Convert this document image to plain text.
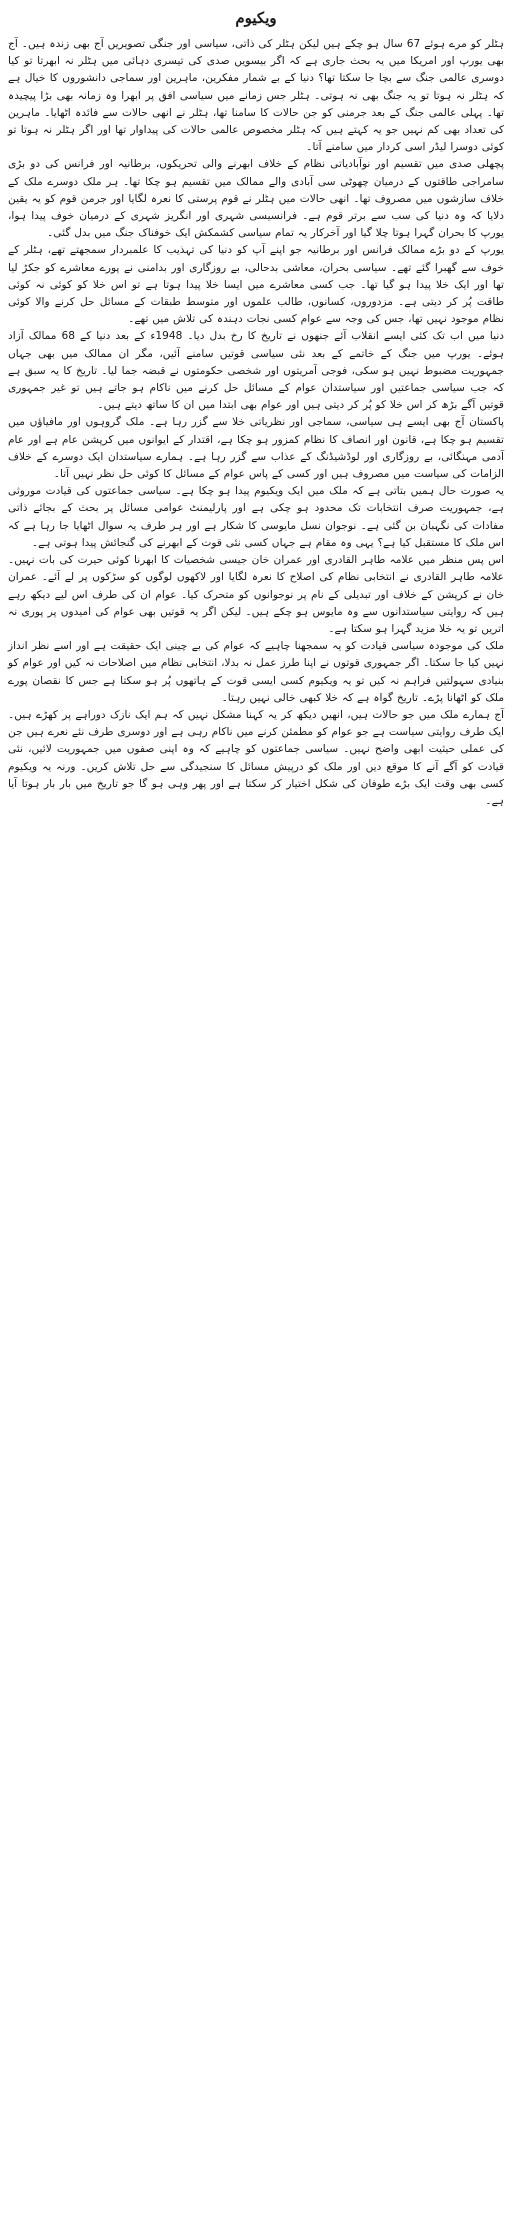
ویکیوم

ہٹلر کو مرے ہوئے 67 سال ہو چکے ہیں لیکن ہٹلر کی ذاتی، سیاسی اور جنگی تصویریں آج بھی زندہ ہیں۔ آج بھی یورپ اور امریکا میں یہ بحث جاری ہے کہ اگر بیسویں صدی کی تیسری دہائی میں ہٹلر نہ ابھرتا تو کیا دوسری عالمی جنگ سے بچا جا سکتا تھا؟ دنیا کے بے شمار مفکرین، ماہرین اور سماجی دانشوروں کا خیال ہے کہ ہٹلر نہ ہوتا تو یہ جنگ بھی نہ ہوتی۔ ہٹلر جس زمانے میں سیاسی افق پر ابھرا وہ زمانہ بھی بڑا پیچیدہ تھا۔ پہلی عالمی جنگ کے بعد جرمنی کو جن حالات کا سامنا تھا، ہٹلر نے انھی حالات سے فائدہ اٹھایا۔ ماہرین کی تعداد بھی کم نہیں جو یہ کہتے ہیں کہ ہٹلر مخصوص عالمی حالات کی پیداوار تھا اور اگر ہٹلر نہ ہوتا تو کوئی دوسرا لیڈر اسی کردار میں سامنے آتا۔

پچھلی صدی میں تقسیم اور نوآبادیاتی نظام کے خلاف ابھرنے والی تحریکوں، برطانیہ اور فرانس کی دو بڑی سامراجی طاقتوں کے درمیان چھوٹی سی آبادی والے ممالک میں تقسیم ہو چکا تھا۔ ہر ملک دوسرے ملک کے خلاف سازشوں میں مصروف تھا۔ انھی حالات میں ہٹلر نے قوم پرستی کا نعرہ لگایا اور جرمن قوم کو یہ یقین دلایا کہ وہ دنیا کی سب سے برتر قوم ہے۔ فرانسیسی شہری اور انگریز شہری کے درمیان خوف پیدا ہوا، یورپ کا بحران گہرا ہوتا چلا گیا اور آخرکار یہ تمام سیاسی کشمکش ایک خوفناک جنگ میں بدل گئی۔

یورپ کے دو بڑے ممالک فرانس اور برطانیہ جو اپنے آپ کو دنیا کی تہذیب کا علمبردار سمجھتے تھے، ہٹلر کے خوف سے گھبرا گئے تھے۔ سیاسی بحران، معاشی بدحالی، بے روزگاری اور بدامنی نے پورے معاشرے کو جکڑ لیا تھا اور ایک خلا پیدا ہو گیا تھا۔ جب کسی معاشرے میں ایسا خلا پیدا ہوتا ہے تو اس خلا کو کوئی نہ کوئی طاقت پُر کر دیتی ہے۔ مزدوروں، کسانوں، طالب علموں اور متوسط طبقات کے مسائل حل کرنے والا کوئی نظام موجود نہیں تھا، جس کی وجہ سے عوام کسی نجات دہندہ کی تلاش میں تھے۔

دنیا میں اب تک کئی ایسے انقلاب آئے جنھوں نے تاریخ کا رخ بدل دیا۔ 1948ء کے بعد دنیا کے 68 ممالک آزاد ہوئے۔ یورپ میں جنگ کے خاتمے کے بعد نئی سیاسی قوتیں سامنے آئیں، مگر ان ممالک میں بھی جہاں جمہوریت مضبوط نہیں ہو سکی، فوجی آمریتوں اور شخصی حکومتوں نے قبضہ جما لیا۔ تاریخ کا یہ سبق ہے کہ جب سیاسی جماعتیں اور سیاستدان عوام کے مسائل حل کرنے میں ناکام ہو جاتے ہیں تو غیر جمہوری قوتیں آگے بڑھ کر اس خلا کو پُر کر دیتی ہیں اور عوام بھی ابتدا میں ان کا ساتھ دیتے ہیں۔

پاکستان آج بھی ایسے ہی سیاسی، سماجی اور نظریاتی خلا سے گزر رہا ہے۔ ملک گروہوں اور مافیاؤں میں تقسیم ہو چکا ہے، قانون اور انصاف کا نظام کمزور ہو چکا ہے، اقتدار کے ایوانوں میں کرپشن عام ہے اور عام آدمی مہنگائی، بے روزگاری اور لوڈشیڈنگ کے عذاب سے گزر رہا ہے۔ ہمارے سیاستدان ایک دوسرے کے خلاف الزامات کی سیاست میں مصروف ہیں اور کسی کے پاس عوام کے مسائل کا کوئی حل نظر نہیں آتا۔

یہ صورت حال ہمیں بتاتی ہے کہ ملک میں ایک ویکیوم پیدا ہو چکا ہے۔ سیاسی جماعتوں کی قیادت موروثی ہے، جمہوریت صرف انتخابات تک محدود ہو چکی ہے اور پارلیمنٹ عوامی مسائل پر بحث کے بجائے ذاتی مفادات کی نگہبان بن گئی ہے۔ نوجوان نسل مایوسی کا شکار ہے اور ہر طرف یہ سوال اٹھایا جا رہا ہے کہ اس ملک کا مستقبل کیا ہے؟ یہی وہ مقام ہے جہاں کسی نئی قوت کے ابھرنے کی گنجائش پیدا ہوتی ہے۔

اس پس منظر میں علامہ طاہر القادری اور عمران خان جیسی شخصیات کا ابھرنا کوئی حیرت کی بات نہیں۔ علامہ طاہر القادری نے انتخابی نظام کی اصلاح کا نعرہ لگایا اور لاکھوں لوگوں کو سڑکوں پر لے آئے۔ عمران خان نے کرپشن کے خلاف اور تبدیلی کے نام پر نوجوانوں کو متحرک کیا۔ عوام ان کی طرف اس لیے دیکھ رہے ہیں کہ روایتی سیاستدانوں سے وہ مایوس ہو چکے ہیں۔ لیکن اگر یہ قوتیں بھی عوام کی امیدوں پر پوری نہ اتریں تو یہ خلا مزید گہرا ہو سکتا ہے۔

ملک کی موجودہ سیاسی قیادت کو یہ سمجھنا چاہیے کہ عوام کی بے چینی ایک حقیقت ہے اور اسے نظر انداز نہیں کیا جا سکتا۔ اگر جمہوری قوتوں نے اپنا طرز عمل نہ بدلا، انتخابی نظام میں اصلاحات نہ کیں اور عوام کو بنیادی سہولتیں فراہم نہ کیں تو یہ ویکیوم کسی ایسی قوت کے ہاتھوں پُر ہو سکتا ہے جس کا نقصان پورے ملک کو اٹھانا پڑے۔ تاریخ گواہ ہے کہ خلا کبھی خالی نہیں رہتا۔

آج ہمارے ملک میں جو حالات ہیں، انھیں دیکھ کر یہ کہنا مشکل نہیں کہ ہم ایک نازک دوراہے پر کھڑے ہیں۔ ایک طرف روایتی سیاست ہے جو عوام کو مطمئن کرنے میں ناکام رہی ہے اور دوسری طرف نئے نعرے ہیں جن کی عملی حیثیت ابھی واضح نہیں۔ سیاسی جماعتوں کو چاہیے کہ وہ اپنی صفوں میں جمہوریت لائیں، نئی قیادت کو آگے آنے کا موقع دیں اور ملک کو درپیش مسائل کا سنجیدگی سے حل تلاش کریں۔ ورنہ یہ ویکیوم کسی بھی وقت ایک بڑے طوفان کی شکل اختیار کر سکتا ہے اور پھر وہی ہو گا جو تاریخ میں بار بار ہوتا آیا ہے۔
